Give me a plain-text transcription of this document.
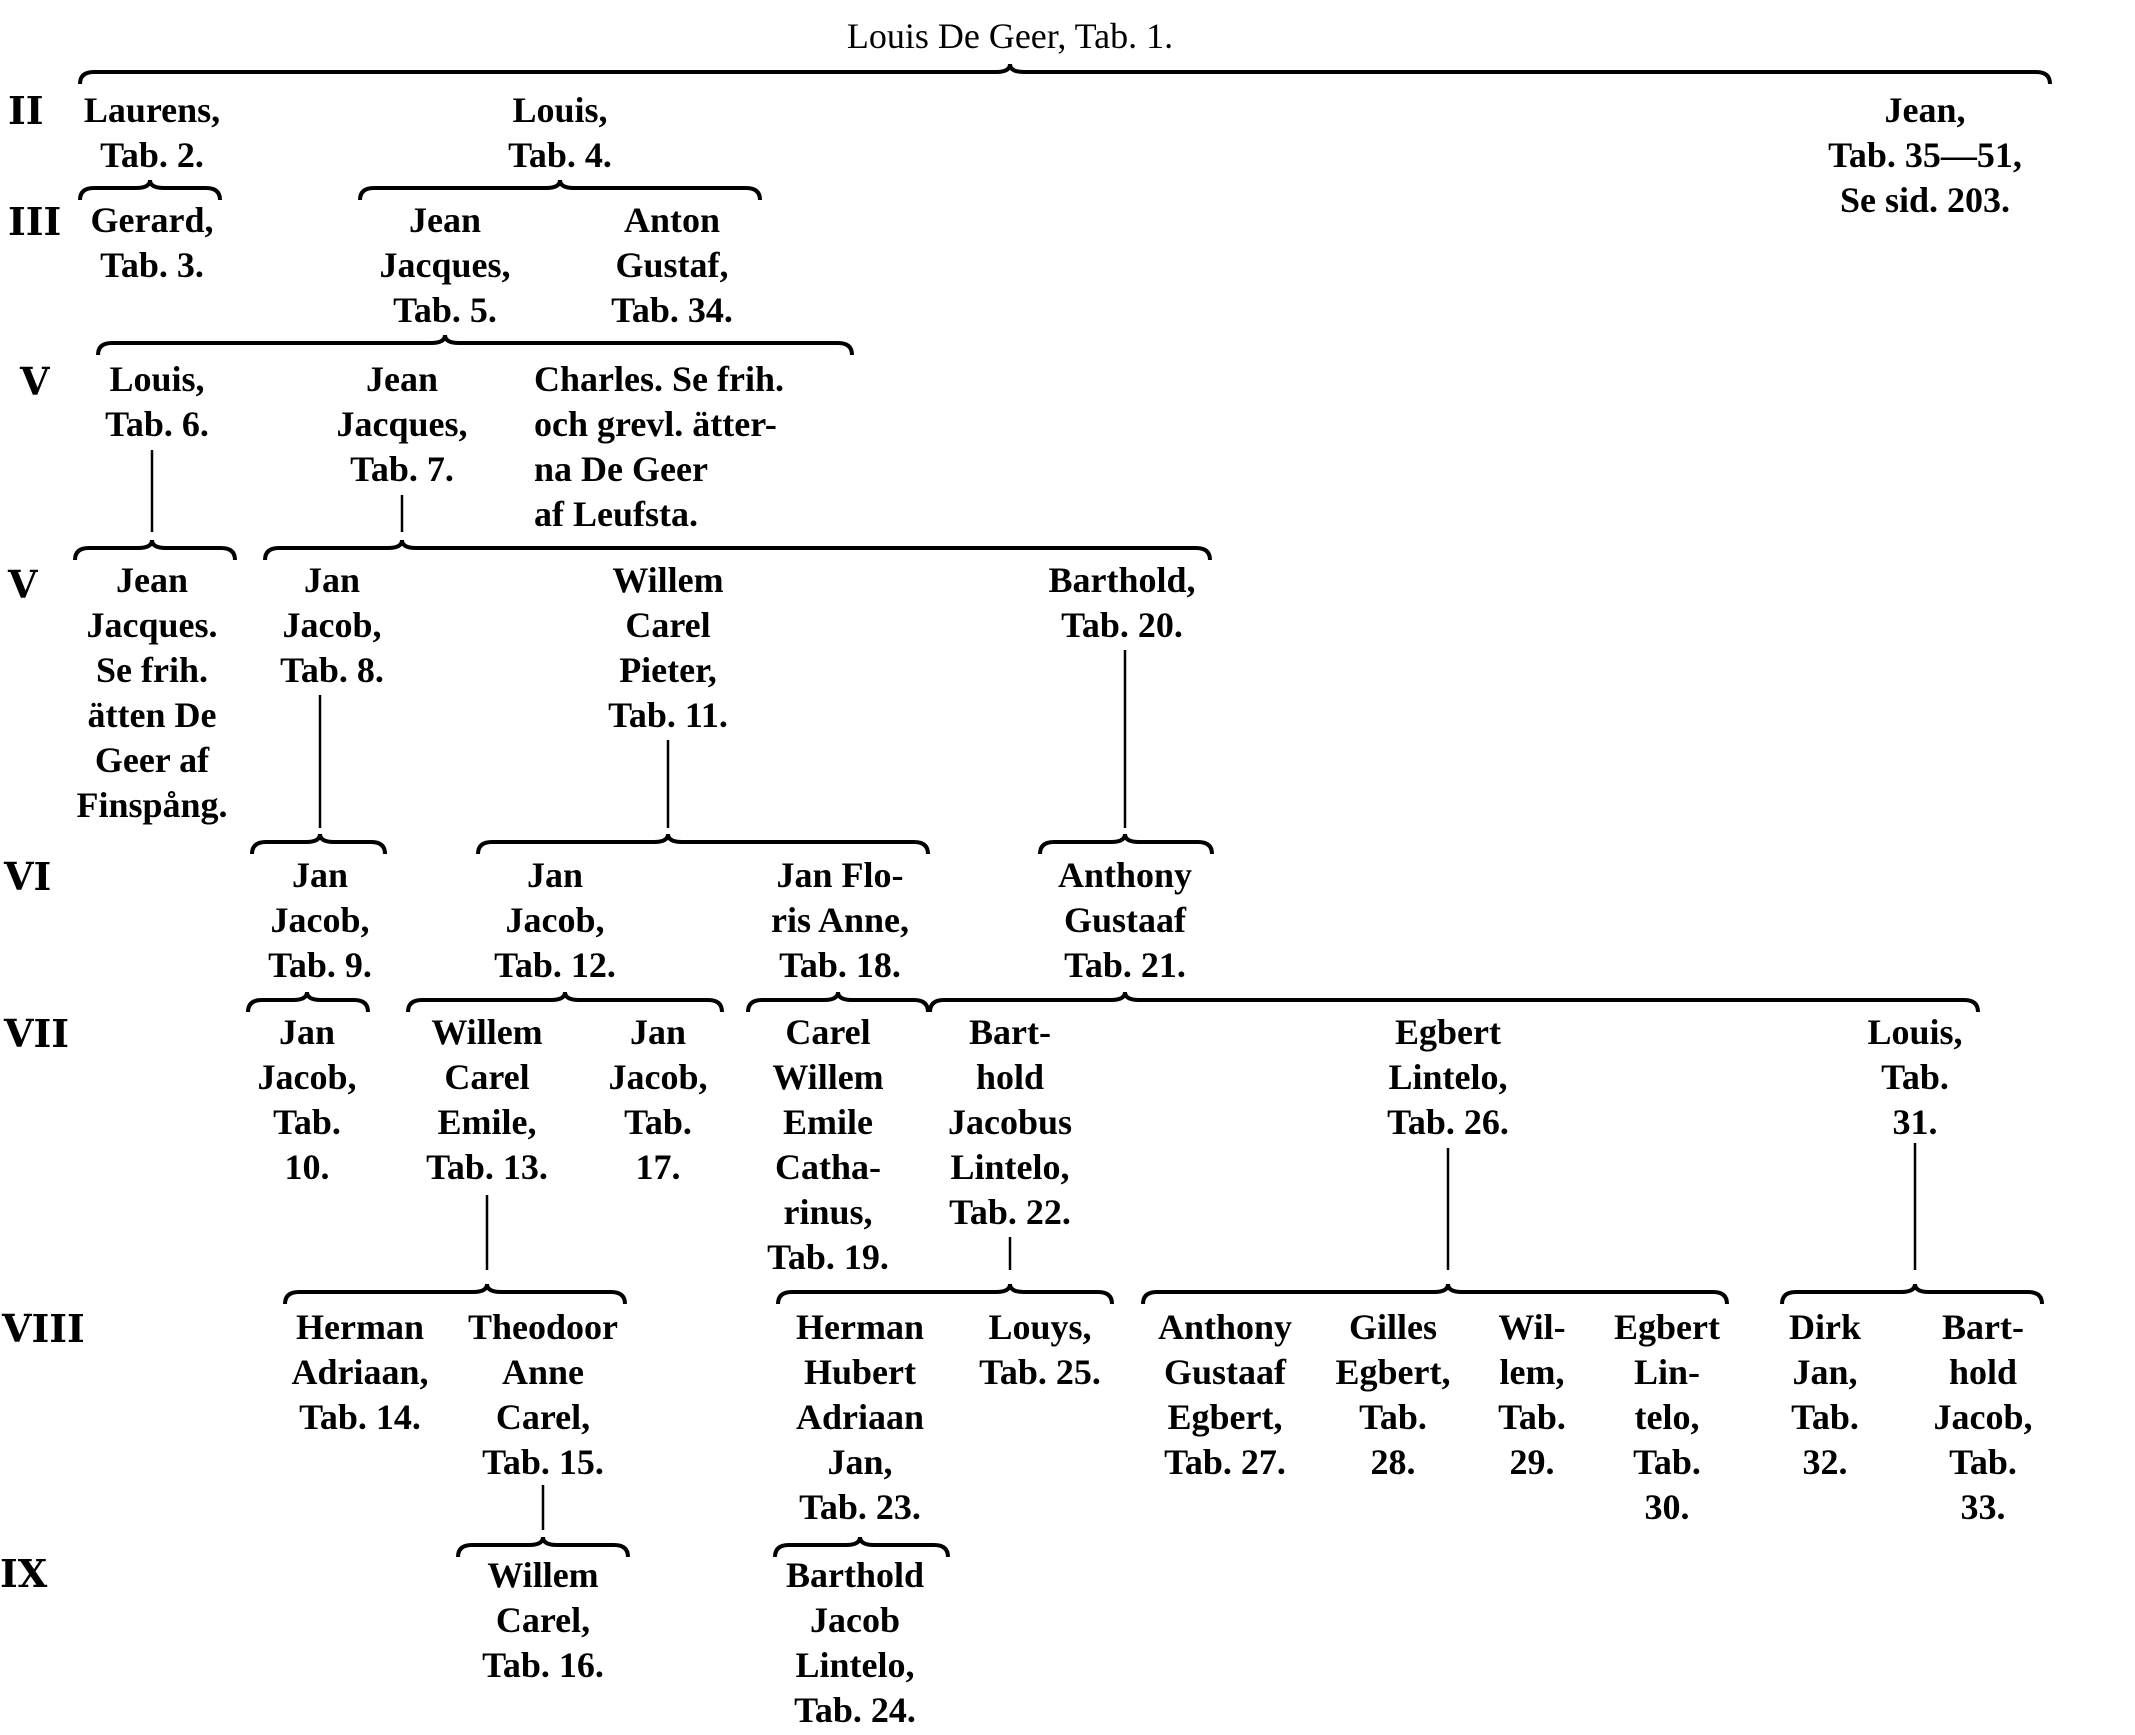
II
III
V
V
VI
VII
VIII
IX
Louis De Geer, Tab. 1.
Laurens,
Tab. 2.
Louis,
Tab. 4.
Jean,
Tab. 35—51,
Se sid. 203.
Gerard,
Tab. 3.
Jean
Jacques,
Tab. 5.
Anton
Gustaf,
Tab. 34.
Louis,
Tab. 6.
Jean
Jacques,
Tab. 7.
Charles. Se frih.
och grevl. ätter-
na De Geer
af Leufsta.
Jean
Jacques.
Se frih.
ätten De
Geer af
Finspång.
Jan
Jacob,
Tab. 8.
Willem
Carel
Pieter,
Tab. 11.
Barthold,
Tab. 20.
Jan
Jacob,
Tab. 9.
Jan
Jacob,
Tab. 12.
Jan Flo-
ris Anne,
Tab. 18.
Anthony
Gustaaf
Tab. 21.
Jan
Jacob,
Tab.
10.
Willem
Carel
Emile,
Tab. 13.
Jan
Jacob,
Tab.
17.
Carel
Willem
Emile
Catha-
rinus,
Tab. 19.
Bart-
hold
Jacobus
Lintelo,
Tab. 22.
Egbert
Lintelo,
Tab. 26.
Louis,
Tab.
31.
Herman
Adriaan,
Tab. 14.
Theodoor
Anne
Carel,
Tab. 15.
Herman
Hubert
Adriaan
Jan,
Tab. 23.
Louys,
Tab. 25.
Anthony
Gustaaf
Egbert,
Tab. 27.
Gilles
Egbert,
Tab.
28.
Wil-
lem,
Tab.
29.
Egbert
Lin-
telo,
Tab.
30.
Dirk
Jan,
Tab.
32.
Bart-
hold
Jacob,
Tab.
33.
Willem
Carel,
Tab. 16.
Barthold
Jacob
Lintelo,
Tab. 24.
